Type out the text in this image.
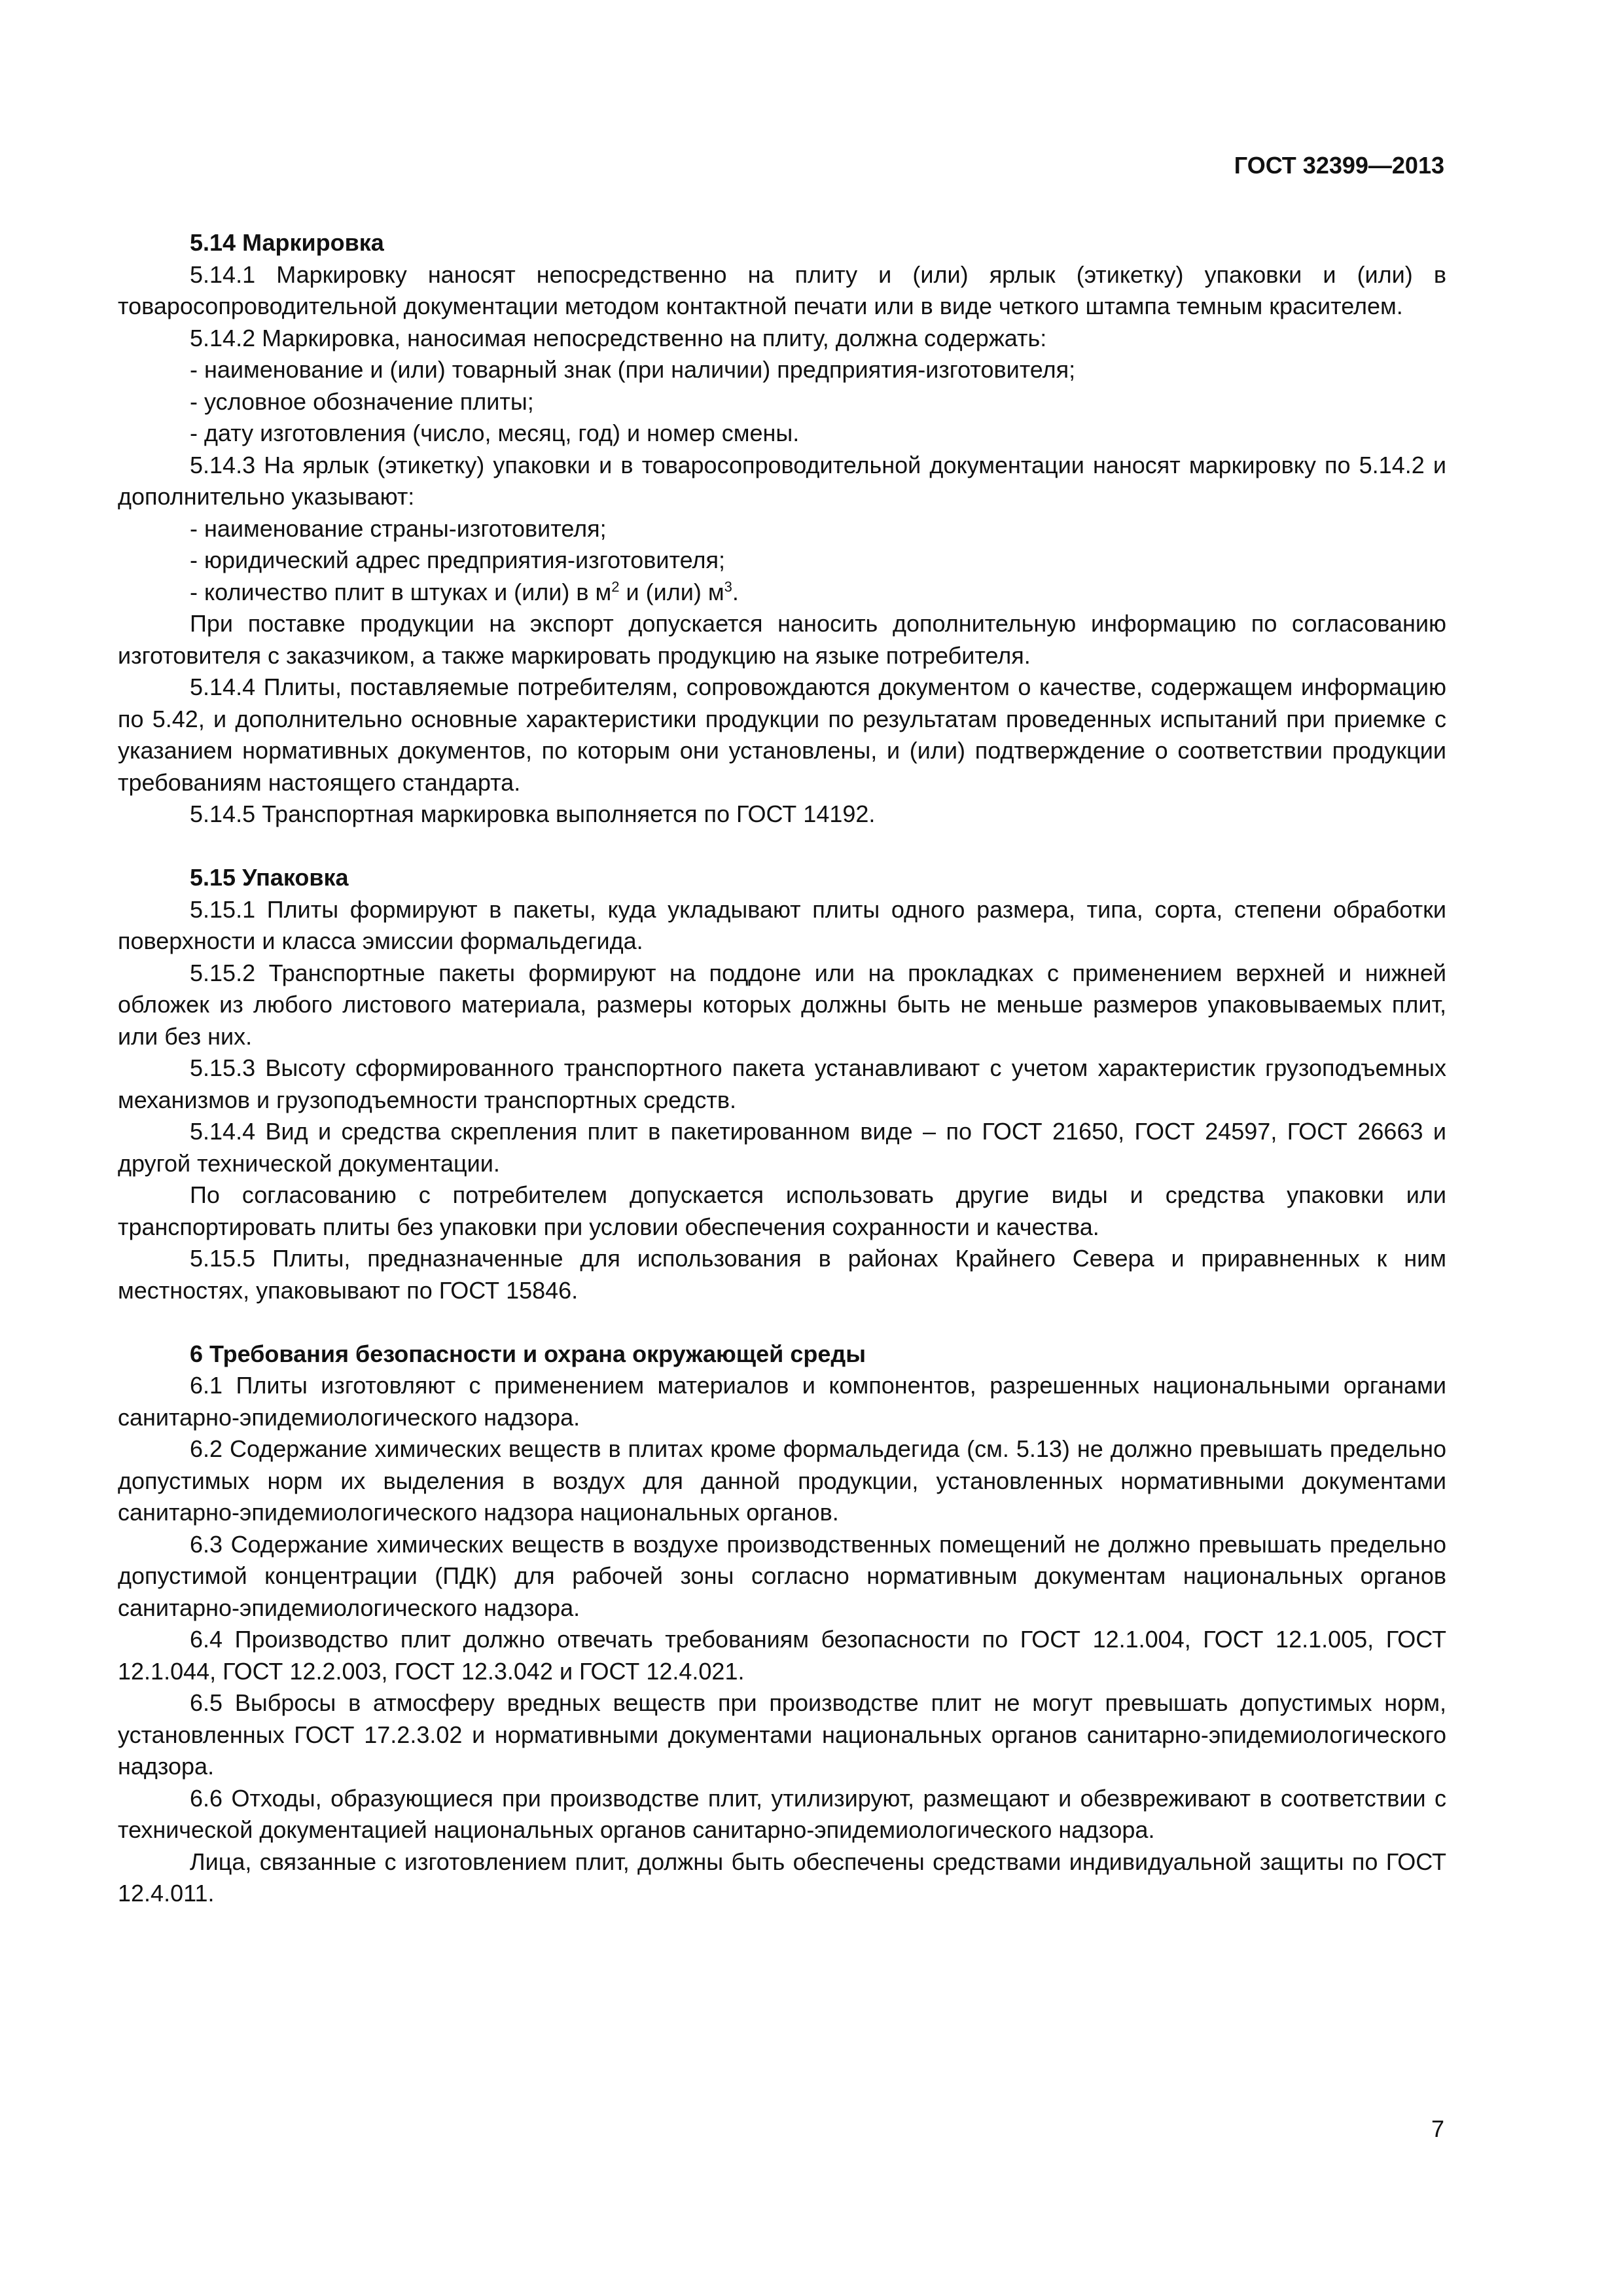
ГОСТ 32399—2013

5.14 Маркировка

5.14.1 Маркировку наносят непосредственно на плиту и (или) ярлык (этикетку) упаковки и (или) в товаросопроводительной документации методом контактной печати или в виде четкого штампа темным красителем.

5.14.2 Маркировка, наносимая непосредственно на плиту, должна содержать:

- наименование и (или) товарный знак (при наличии) предприятия-изготовителя;

- условное обозначение плиты;

- дату изготовления (число, месяц, год) и номер смены.

5.14.3 На ярлык (этикетку) упаковки и в товаросопроводительной документации наносят маркировку по 5.14.2 и дополнительно указывают:

- наименование страны-изготовителя;

- юридический адрес предприятия-изготовителя;

- количество плит в штуках и (или) в $м^2$ и (или) $м^3$.

При поставке продукции на экспорт допускается наносить дополнительную информацию по согласованию изготовителя с заказчиком, а также маркировать продукцию на языке потребителя.

5.14.4 Плиты, поставляемые потребителям, сопровождаются документом о качестве, содержащем информацию по 5.42, и дополнительно основные характеристики продукции по результатам проведенных испытаний при приемке с указанием нормативных документов, по которым они установлены, и (или) подтверждение о соответствии продукции требованиям настоящего стандарта.

5.14.5 Транспортная маркировка выполняется по ГОСТ 14192.

5.15 Упаковка

5.15.1 Плиты формируют в пакеты, куда укладывают плиты одного размера, типа, сорта, степени обработки поверхности и класса эмиссии формальдегида.

5.15.2 Транспортные пакеты формируют на поддоне или на прокладках с применением верхней и нижней обложек из любого листового материала, размеры которых должны быть не меньше размеров упаковываемых плит, или без них.

5.15.3 Высоту сформированного транспортного пакета устанавливают с учетом характеристик грузоподъемных механизмов и грузоподъемности транспортных средств.

5.14.4 Вид и средства скрепления плит в пакетированном виде – по ГОСТ 21650, ГОСТ 24597, ГОСТ 26663 и другой технической документации.

По согласованию с потребителем допускается использовать другие виды и средства упаковки или транспортировать плиты без упаковки при условии обеспечения сохранности и качества.

5.15.5 Плиты, предназначенные для использования в районах Крайнего Севера и приравненных к ним местностях, упаковывают по ГОСТ 15846.

6 Требования безопасности и охрана окружающей среды

6.1 Плиты изготовляют с применением материалов и компонентов, разрешенных национальными органами санитарно-эпидемиологического надзора.

6.2 Содержание химических веществ в плитах кроме формальдегида (см. 5.13) не должно превышать предельно допустимых норм их выделения в воздух для данной продукции, установленных нормативными документами санитарно-эпидемиологического надзора национальных органов.

6.3 Содержание химических веществ в воздухе производственных помещений не должно превышать предельно допустимой концентрации (ПДК) для рабочей зоны согласно нормативным документам национальных органов санитарно-эпидемиологического надзора.

6.4 Производство плит должно отвечать требованиям безопасности по ГОСТ 12.1.004, ГОСТ 12.1.005, ГОСТ 12.1.044, ГОСТ 12.2.003, ГОСТ 12.3.042 и ГОСТ 12.4.021.

6.5 Выбросы в атмосферу вредных веществ при производстве плит не могут превышать допустимых норм, установленных ГОСТ 17.2.3.02 и нормативными документами национальных органов санитарно-эпидемиологического надзора.

6.6 Отходы, образующиеся при производстве плит, утилизируют, размещают и обезвреживают в соответствии с технической документацией национальных органов санитарно-эпидемиологического надзора.

Лица, связанные с изготовлением плит, должны быть обеспечены средствами индивидуальной защиты по ГОСТ 12.4.011.

7
